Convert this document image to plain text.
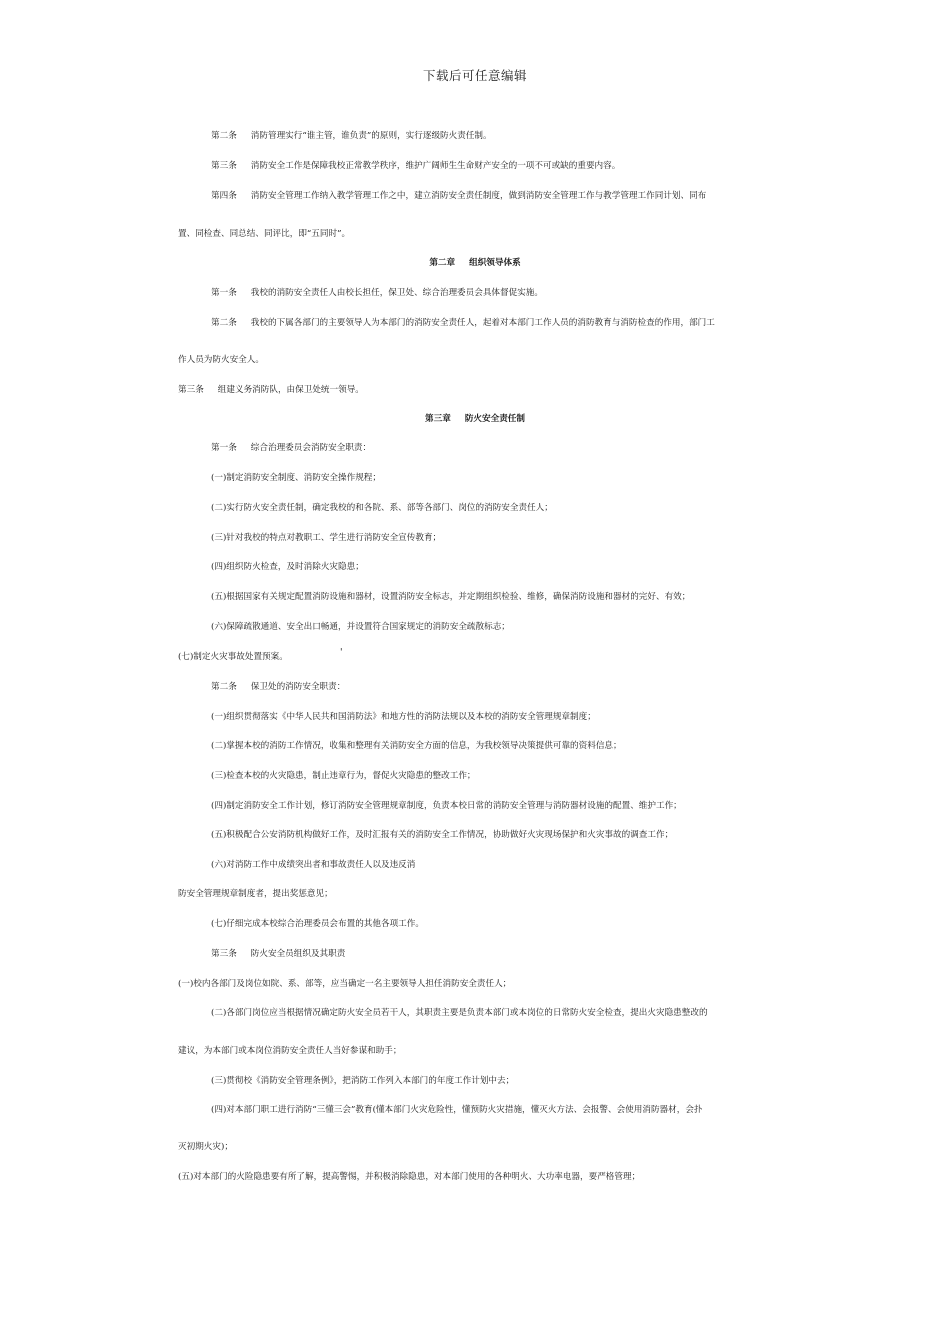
下载后可任意编辑
第二条 消防管理实行“谁主管，谁负责”的原则，实行逐级防火责任制。
第三条 消防安全工作是保障我校正常教学秩序，维护广阔师生生命财产安全的一项不可或缺的重要内容。
第四条 消防安全管理工作纳入教学管理工作之中，建立消防安全责任制度，做到消防安全管理工作与教学管理工作同计划、同布
置、同检查、同总结、同评比，即“五同时”。
第二章 组织领导体系
第一条 我校的消防安全责任人由校长担任，保卫处、综合治理委员会具体督促实施。
第二条 我校的下属各部门的主要领导人为本部门的消防安全责任人，起着对本部门工作人员的消防教育与消防检查的作用，部门工
作人员为防火安全人。
第三条 组建义务消防队，由保卫处统一领导。
第三章 防火安全责任制
第一条 综合治理委员会消防安全职责：
(一)制定消防安全制度、消防安全操作规程；
(二)实行防火安全责任制，确定我校的和各院、系、部等各部门、岗位的消防安全责任人；
(三)针对我校的特点对教职工、学生进行消防安全宣传教育；
(四)组织防火检查，及时消除火灾隐患；
(五)根据国家有关规定配置消防设施和器材，设置消防安全标志，并定期组织检验、维修，确保消防设施和器材的完好、有效；
(六)保障疏散通道、安全出口畅通，并设置符合国家规定的消防安全疏散标志；
(七)制定火灾事故处置预案。	'
第二条 保卫处的消防安全职责：
(一)组织贯彻落实《中华人民共和国消防法》和地方性的消防法规以及本校的消防安全管理规章制度；
(二)掌握本校的消防工作情况，收集和整理有关消防安全方面的信息，为我校领导决策提供可靠的资料信息；
(三)检查本校的火灾隐患，制止违章行为，督促火灾隐患的整改工作；
(四)制定消防安全工作计划，修订消防安全管理规章制度，负责本校日常的消防安全管理与消防器材设施的配置、维护工作；
(五)积极配合公安消防机构做好工作，及时汇报有关的消防安全工作情况，协助做好火灾现场保护和火灾事故的调查工作；
(六)对消防工作中成绩突出者和事故责任人以及违反消
防安全管理规章制度者，提出奖惩意见；
(七)仔细完成本校综合治理委员会布置的其他各项工作。
第三条 防火安全员组织及其职责
(一)校内各部门及岗位如院、系、部等，应当确定一名主要领导人担任消防安全责任人；
(二)各部门岗位应当根据情况确定防火安全员若干人，其职责主要是负责本部门或本岗位的日常防火安全检查，提出火灾隐患整改的
建议，为本部门或本岗位消防安全责任人当好参谋和助手；
(三)贯彻校《消防安全管理条例》，把消防工作列入本部门的年度工作计划中去；
(四)对本部门职工进行消防“三懂三会”教育(懂本部门火灾危险性，懂预防火灾措施，懂灭火方法、会报警、会使用消防器材，会扑
灭初期火灾)；
(五)对本部门的火险隐患要有所了解，提高警惕，并积极消除隐患，对本部门使用的各种明火、大功率电器，要严格管理；
